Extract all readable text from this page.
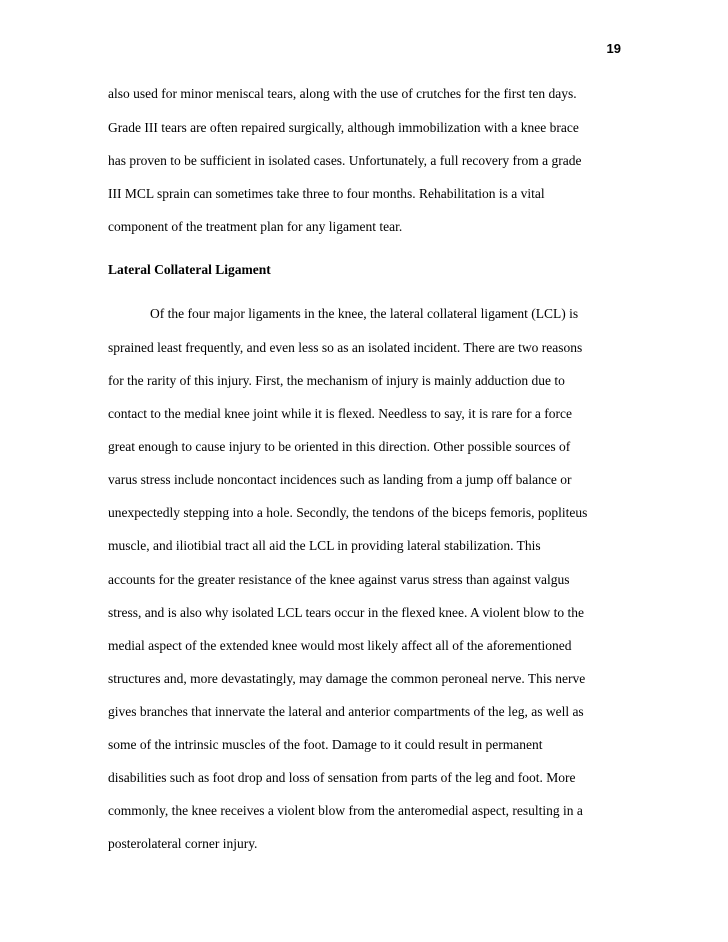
19
also used for minor meniscal tears, along with the use of crutches for the first ten days.
Grade III tears are often repaired surgically, although immobilization with a knee brace
has proven to be sufficient in isolated cases. Unfortunately, a full recovery from a grade
III MCL sprain can sometimes take three to four months. Rehabilitation is a vital
component of the treatment plan for any ligament tear.
Lateral Collateral Ligament
Of the four major ligaments in the knee, the lateral collateral ligament (LCL) is
sprained least frequently, and even less so as an isolated incident. There are two reasons
for the rarity of this injury. First, the mechanism of injury is mainly adduction due to
contact to the medial knee joint while it is flexed. Needless to say, it is rare for a force
great enough to cause injury to be oriented in this direction. Other possible sources of
varus stress include noncontact incidences such as landing from a jump off balance or
unexpectedly stepping into a hole. Secondly, the tendons of the biceps femoris, popliteus
muscle, and iliotibial tract all aid the LCL in providing lateral stabilization. This
accounts for the greater resistance of the knee against varus stress than against valgus
stress, and is also why isolated LCL tears occur in the flexed knee. A violent blow to the
medial aspect of the extended knee would most likely affect all of the aforementioned
structures and, more devastatingly, may damage the common peroneal nerve. This nerve
gives branches that innervate the lateral and anterior compartments of the leg, as well as
some of the intrinsic muscles of the foot. Damage to it could result in permanent
disabilities such as foot drop and loss of sensation from parts of the leg and foot. More
commonly, the knee receives a violent blow from the anteromedial aspect, resulting in a
posterolateral corner injury.
